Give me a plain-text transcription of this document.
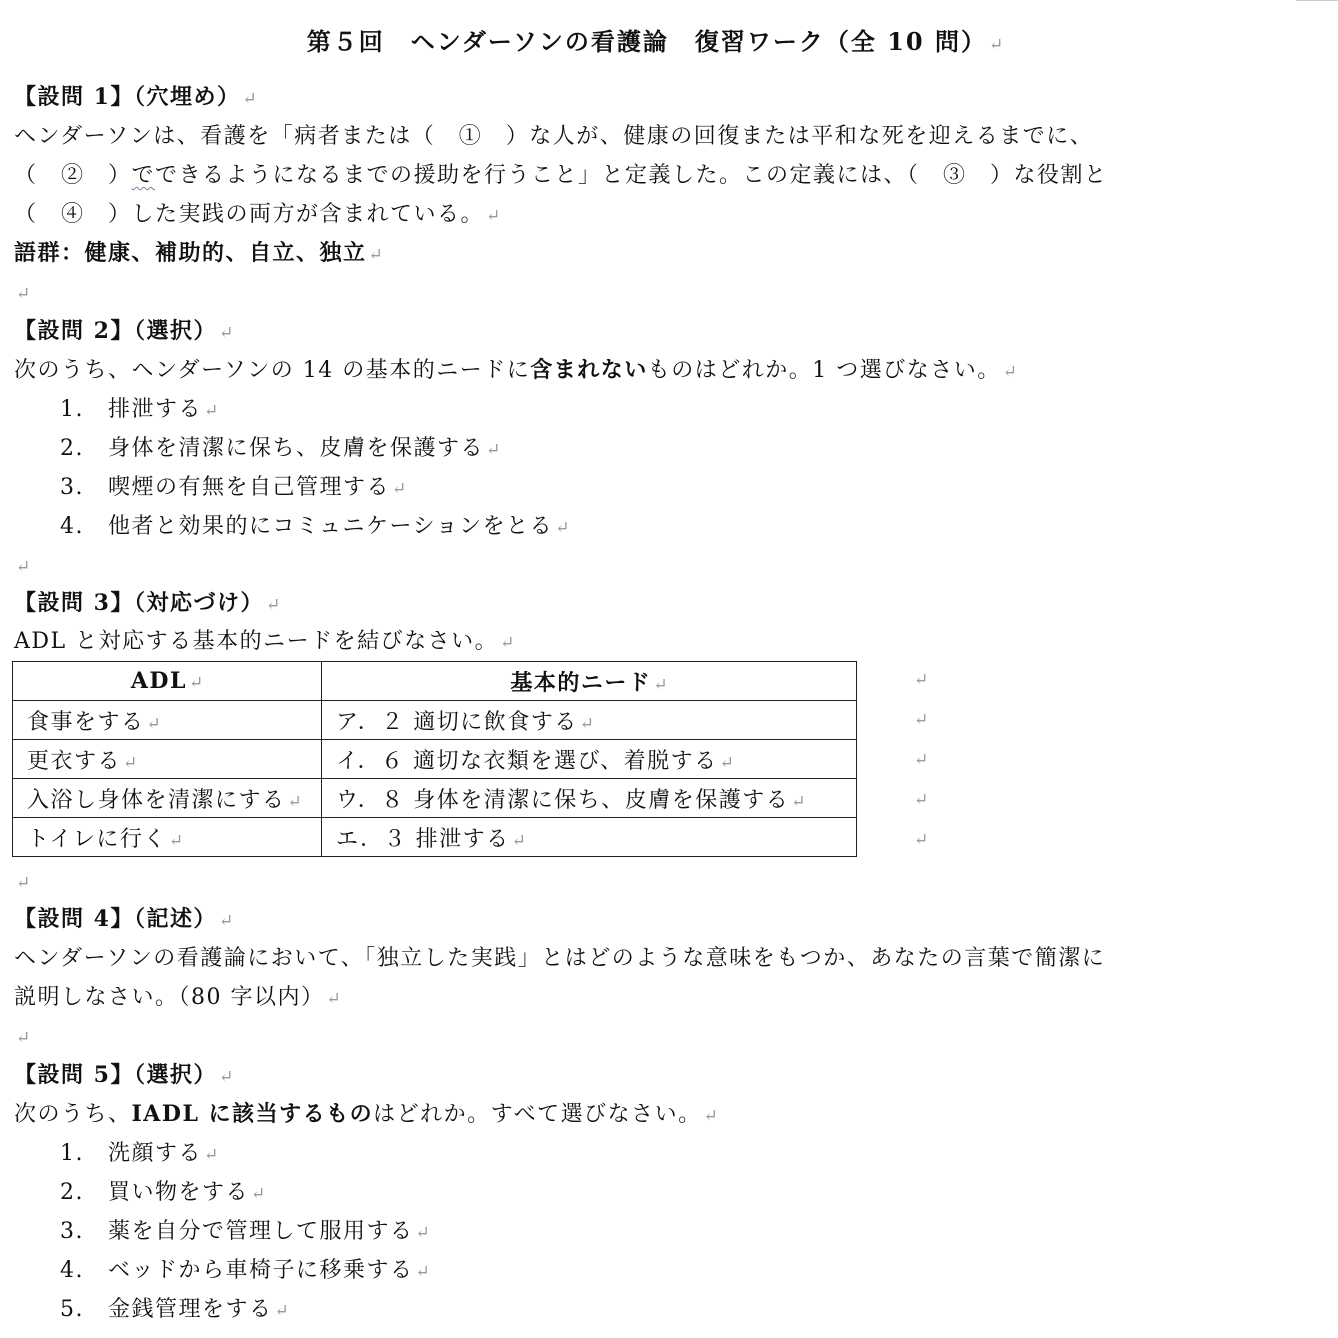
第５回　ヘンダーソンの看護論　復習ワーク（全 10 問） ↵
【設問 1】（穴埋め） ↵
ヘンダーソンは、看護を「病者または（　①　）な人が、健康の回復または平和な死を迎えるまでに、
（　②　）でできるようになるまでの援助を行うこと」と定義した。この定義には、（　③　）な役割と
（　④　）した実践の両方が含まれている。 ↵
語群：健康、補助的、自立、独立 ↵
↵
【設問 2】（選択） ↵
次のうち、ヘンダーソンの 14 の基本的ニードに含まれないものはどれか。1 つ選びなさい。 ↵
1. 排泄する ↵
2. 身体を清潔に保ち、皮膚を保護する ↵
3. 喫煙の有無を自己管理する ↵
4. 他者と効果的にコミュニケーションをとる ↵
↵
【設問 3】（対応づけ） ↵
ADL と対応する基本的ニードを結びなさい。 ↵
ADL ↵	基本的ニード ↵
食事をする ↵	ア．２ 適切に飲食する ↵
更衣する ↵	イ．６ 適切な衣類を選び、着脱する ↵
入浴し身体を清潔にする ↵	ウ．８ 身体を清潔に保ち、皮膚を保護する ↵
トイレに行く ↵	エ．３ 排泄する ↵
↵
↵
↵
↵
↵
↵
【設問 4】（記述） ↵
ヘンダーソンの看護論において、「独立した実践」とはどのような意味をもつか、あなたの言葉で簡潔に
説明しなさい。（80 字以内） ↵
↵
【設問 5】（選択） ↵
次のうち、IADL に該当するものはどれか。すべて選びなさい。 ↵
1. 洗顔する ↵
2. 買い物をする ↵
3. 薬を自分で管理して服用する ↵
4. ベッドから車椅子に移乗する ↵
5. 金銭管理をする ↵
